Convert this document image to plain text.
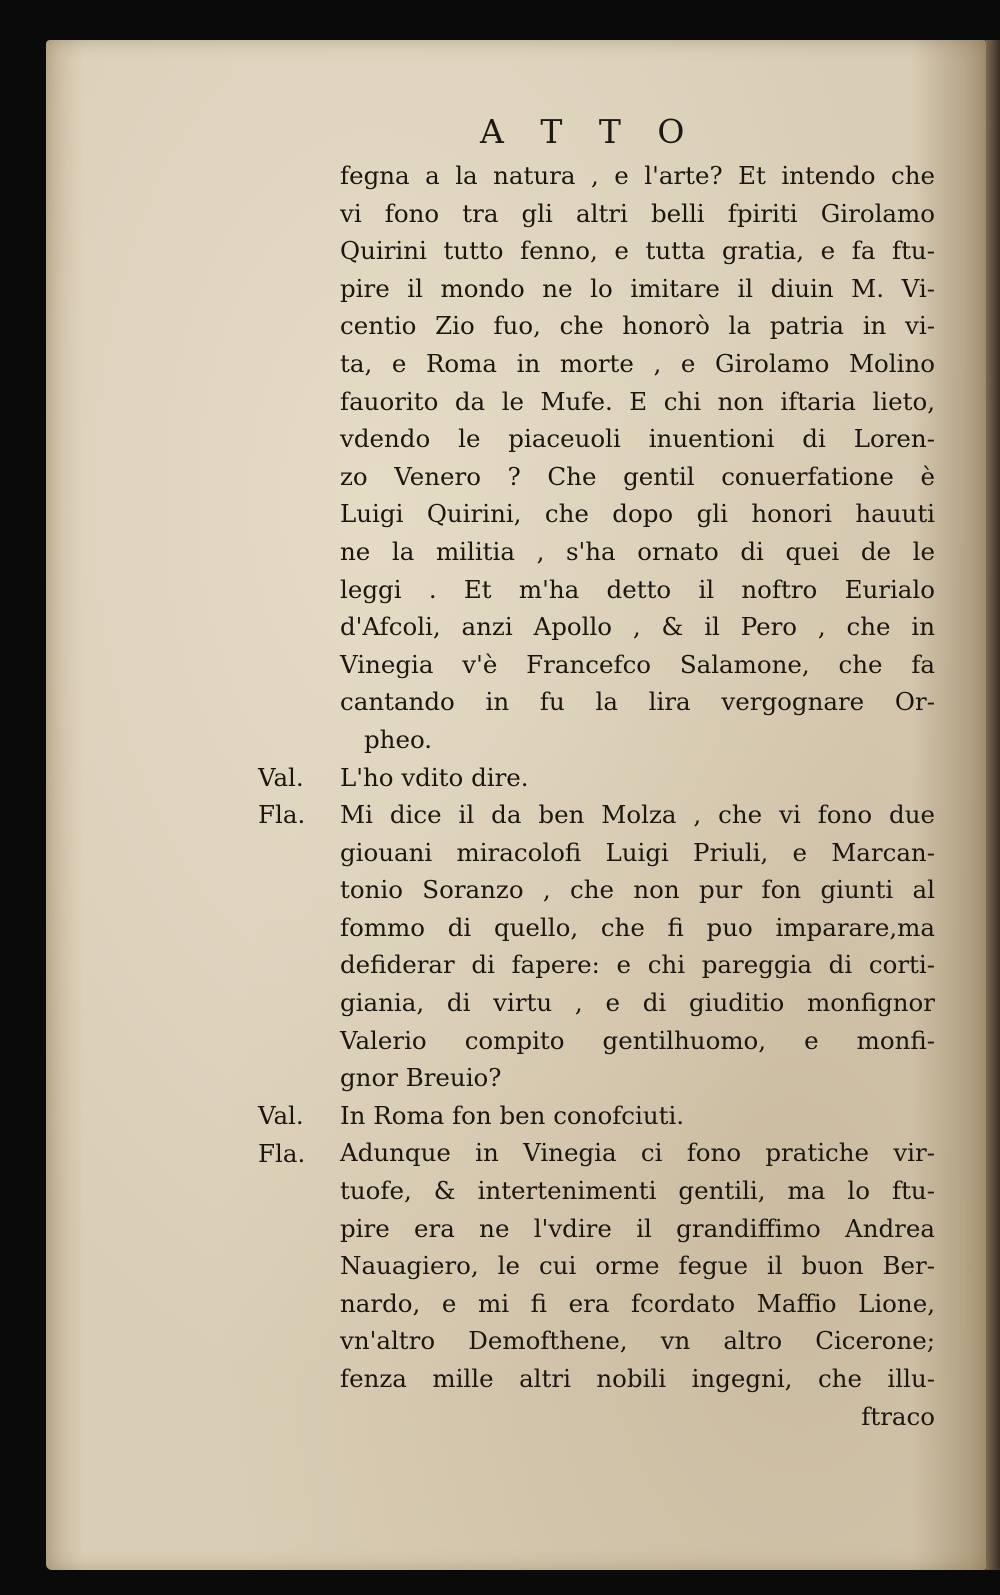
A T T O
fegna a la natura , e l'arte? Et intendo che
vi fono tra gli altri belli fpiriti Girolamo
Quirini tutto fenno, e tutta gratia, e fa ftu-
pire il mondo ne lo imitare il diuin M. Vi-
centio Zio fuo, che honorò la patria in vi-
ta, e Roma in morte , e Girolamo Molino
fauorito da le Mufe. E chi non iftaria lieto,
vdendo le piaceuoli inuentioni di Loren-
zo Venero ? Che gentil conuerfatione è
Luigi Quirini, che dopo gli honori hauuti
ne la militia , s'ha ornato di quei de le
leggi . Et m'ha detto il noftro Eurialo
d'Afcoli, anzi Apollo , & il Pero , che in
Vinegia v'è Francefco Salamone, che fa
cantando in fu la lira vergognare Or-
pheo.
L'ho vdito dire.
Mi dice il da ben Molza , che vi fono due
giouani miracolofi Luigi Priuli, e Marcan-
tonio Soranzo , che non pur fon giunti al
fommo di quello, che fi puo imparare,ma
defiderar di fapere: e chi pareggia di corti-
giania, di virtu , e di giuditio monfignor
Valerio compito gentilhuomo, e monfi-
gnor Breuio?
In Roma fon ben conofciuti.
Adunque in Vinegia ci fono pratiche vir-
tuofe, & intertenimenti gentili, ma lo ftu-
pire era ne l'vdire il grandiffimo Andrea
Nauagiero, le cui orme fegue il buon Ber-
nardo, e mi fi era fcordato Maffio Lione,
vn'altro Demofthene, vn altro Cicerone;
fenza mille altri nobili ingegni, che illu-
ftraco
Val.
Fla.
Val.
Fla.
